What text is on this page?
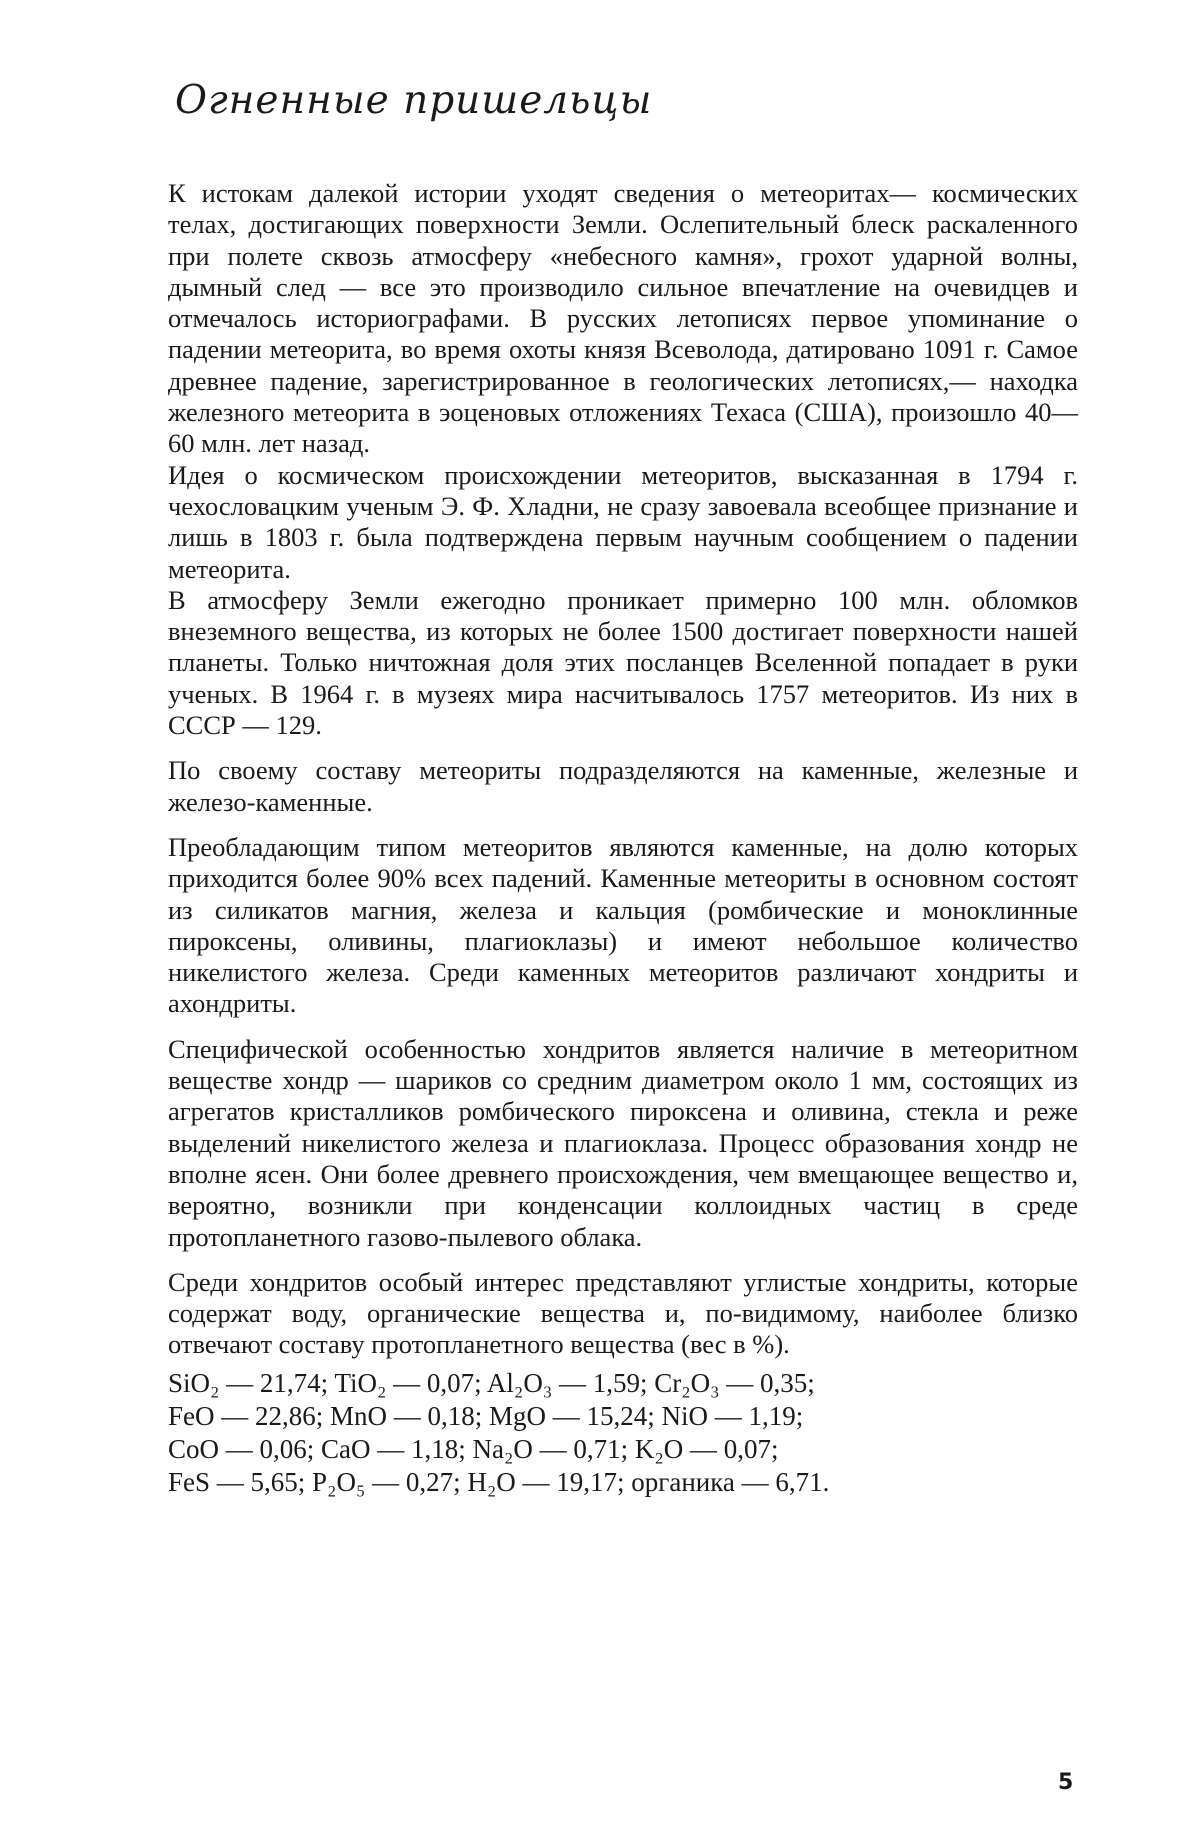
Огненные пришельцы

К истокам далекой истории уходят сведения о метеоритах— космических телах, достигающих поверхности Земли. Ослепительный блеск раскаленного при полете сквозь атмосферу «небесного камня», грохот ударной волны, дымный след — все это производило сильное впечатление на очевидцев и отмечалось историографами. В русских летописях первое упоминание о падении метеорита, во время охоты князя Всеволода, датировано 1091 г. Самое древнее падение, зарегистрированное в геологических летописях,— находка железного метеорита в эоценовых отложениях Техаса (США), произошло 40—60 млн. лет назад.

Идея о космическом происхождении метеоритов, высказанная в 1794 г. чехословацким ученым Э. Ф. Хладни, не сразу завоевала всеобщее признание и лишь в 1803 г. была подтверждена первым научным сообщением о падении метеорита.

В атмосферу Земли ежегодно проникает примерно 100 млн. обломков внеземного вещества, из которых не более 1500 достигает поверхности нашей планеты. Только ничтожная доля этих посланцев Вселенной попадает в руки ученых. В 1964 г. в музеях мира насчитывалось 1757 метеоритов. Из них в СССР — 129.

По своему составу метеориты подразделяются на каменные, железные и железо-каменные.

Преобладающим типом метеоритов являются каменные, на долю которых приходится более 90% всех падений. Каменные метеориты в основном состоят из силикатов магния, железа и кальция (ромбические и моноклинные пироксены, оливины, плагиоклазы) и имеют небольшое количество никелистого железа. Среди каменных метеоритов различают хондриты и ахондриты.

Специфической особенностью хондритов является наличие в метеоритном веществе хондр — шариков со средним диаметром около 1 мм, состоящих из агрегатов кристалликов ромбического пироксена и оливина, стекла и реже выделений никелистого железа и плагиоклаза. Процесс образования хондр не вполне ясен. Они более древнего происхождения, чем вмещающее вещество и, вероятно, возникли при конденсации коллоидных частиц в среде протопланетного газово-пылевого облака.

Среди хондритов особый интерес представляют углистые хондриты, которые содержат воду, органические вещества и, по-видимому, наиболее близко отвечают составу протопланетного вещества (вес в %).

SiO₂ — 21,74; TiO₂ — 0,07; Al₂O₃ — 1,59; Cr₂O₃ — 0,35;
FeO — 22,86; MnO — 0,18; MgO — 15,24; NiO — 1,19;
CoO — 0,06; CaO — 1,18; Na₂O — 0,71; K₂O — 0,07;
FeS — 5,65; P₂O₅ — 0,27; H₂O — 19,17; органика — 6,71.
5
